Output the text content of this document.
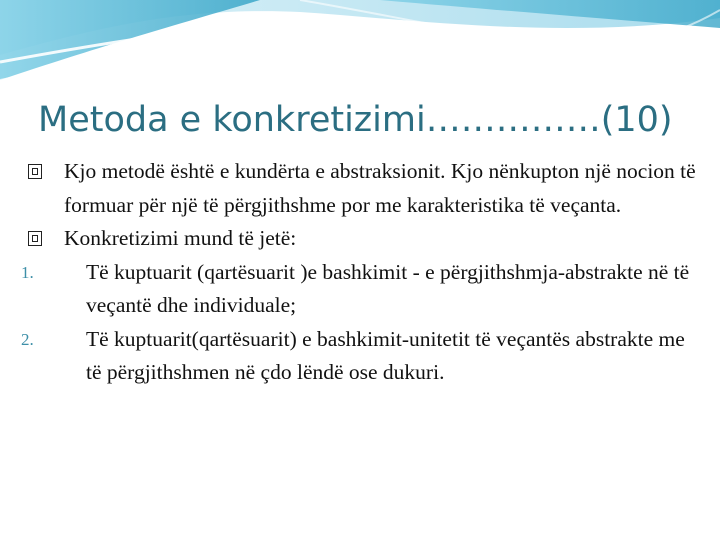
Metoda e konkretizimi……………(10)
Kjo metodë është e kundërta e abstraksionit. Kjo nënkupton një nocion të formuar për një të përgjithshme por me karakteristika të veçanta.
Konkretizimi mund të jetë:
1. Të kuptuarit (qartësuarit )e bashkimit - e përgjithshmja-abstrakte në të veçantë dhe individuale;
2. Të kuptuarit(qartësuarit) e bashkimit-unitetit të veçantës abstrakte me të përgjithshmen në çdo lëndë ose dukuri.
